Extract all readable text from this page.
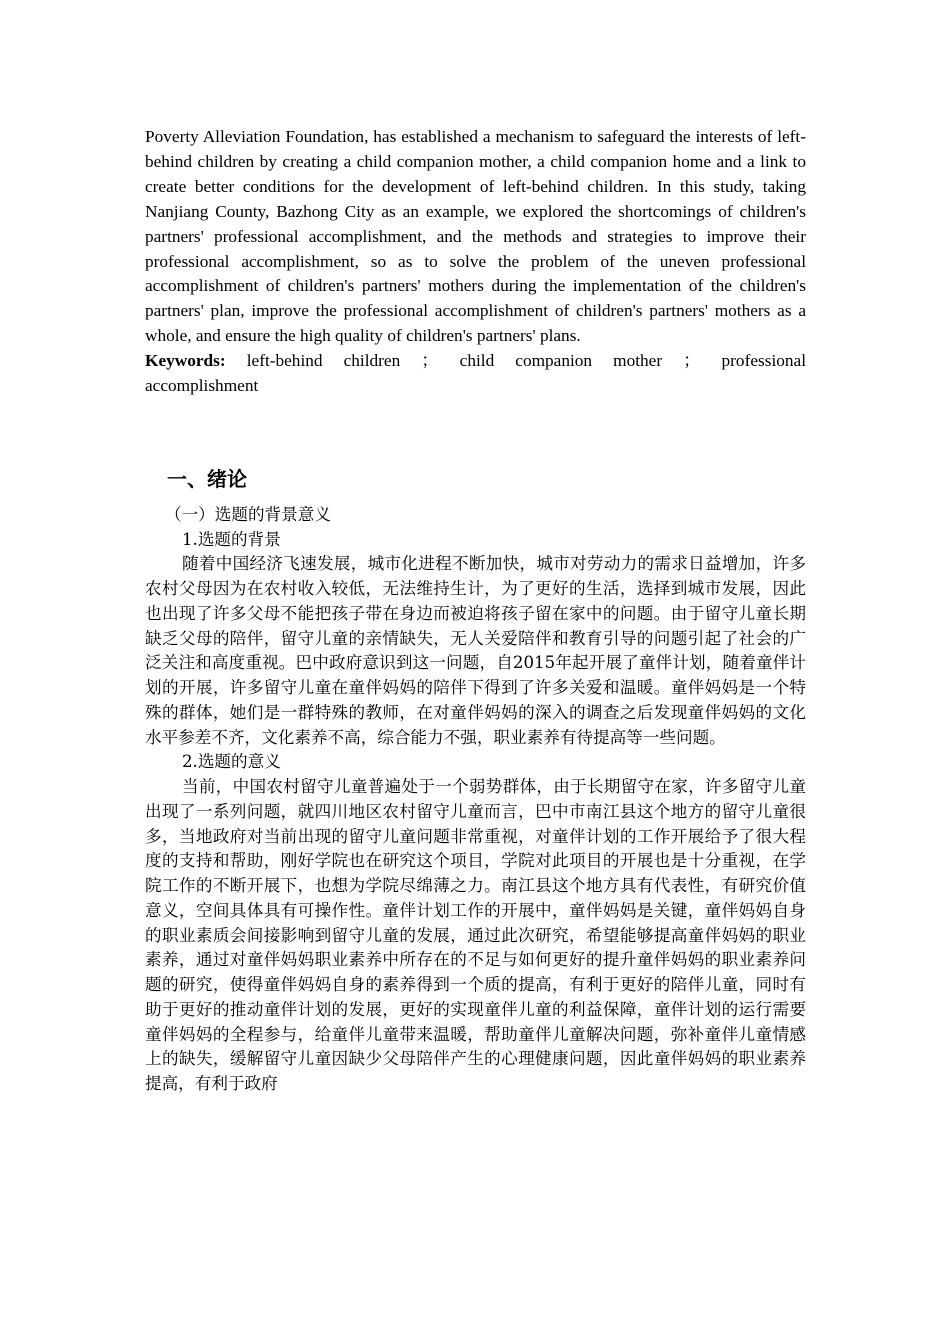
Poverty Alleviation Foundation, has established a mechanism to safeguard the interests of left-behind children by creating a child companion mother, a child companion home and a link to create better conditions for the development of left-behind children. In this study, taking Nanjiang County, Bazhong City as an example, we explored the shortcomings of children's partners' professional accomplishment, and the methods and strategies to improve their professional accomplishment, so as to solve the problem of the uneven professional accomplishment of children's partners' mothers during the implementation of the children's partners' plan, improve the professional accomplishment of children's partners' mothers as a whole, and ensure the high quality of children's partners' plans.

Keywords: left-behind children ； child companion mother ； professional accomplishment

一、绪论
（一）选题的背景意义
1.选题的背景

随着中国经济飞速发展，城市化进程不断加快，城市对劳动力的需求日益增加，许多农村父母因为在农村收入较低，无法维持生计，为了更好的生活，选择到城市发展，因此也出现了许多父母不能把孩子带在身边而被迫将孩子留在家中的问题。由于留守儿童长期缺乏父母的陪伴，留守儿童的亲情缺失，无人关爱陪伴和教育引导的问题引起了社会的广泛关注和高度重视。巴中政府意识到这一问题，自2015年起开展了童伴计划，随着童伴计划的开展，许多留守儿童在童伴妈妈的陪伴下得到了许多关爱和温暖。童伴妈妈是一个特殊的群体，她们是一群特殊的教师，在对童伴妈妈的深入的调查之后发现童伴妈妈的文化水平参差不齐，文化素养不高，综合能力不强，职业素养有待提高等一些问题。

2.选题的意义

当前，中国农村留守儿童普遍处于一个弱势群体，由于长期留守在家，许多留守儿童出现了一系列问题，就四川地区农村留守儿童而言，巴中市南江县这个地方的留守儿童很多，当地政府对当前出现的留守儿童问题非常重视，对童伴计划的工作开展给予了很大程度的支持和帮助，刚好学院也在研究这个项目，学院对此项目的开展也是十分重视，在学院工作的不断开展下，也想为学院尽绵薄之力。南江县这个地方具有代表性，有研究价值意义，空间具体具有可操作性。童伴计划工作的开展中，童伴妈妈是关键，童伴妈妈自身的职业素质会间接影响到留守儿童的发展，通过此次研究，希望能够提高童伴妈妈的职业素养，通过对童伴妈妈职业素养中所存在的不足与如何更好的提升童伴妈妈的职业素养问题的研究，使得童伴妈妈自身的素养得到一个质的提高，有利于更好的陪伴儿童，同时有助于更好的推动童伴计划的发展，更好的实现童伴儿童的利益保障，童伴计划的运行需要童伴妈妈的全程参与，给童伴儿童带来温暖，帮助童伴儿童解决问题，弥补童伴儿童情感上的缺失，缓解留守儿童因缺少父母陪伴产生的心理健康问题，因此童伴妈妈的职业素养提高，有利于政府
